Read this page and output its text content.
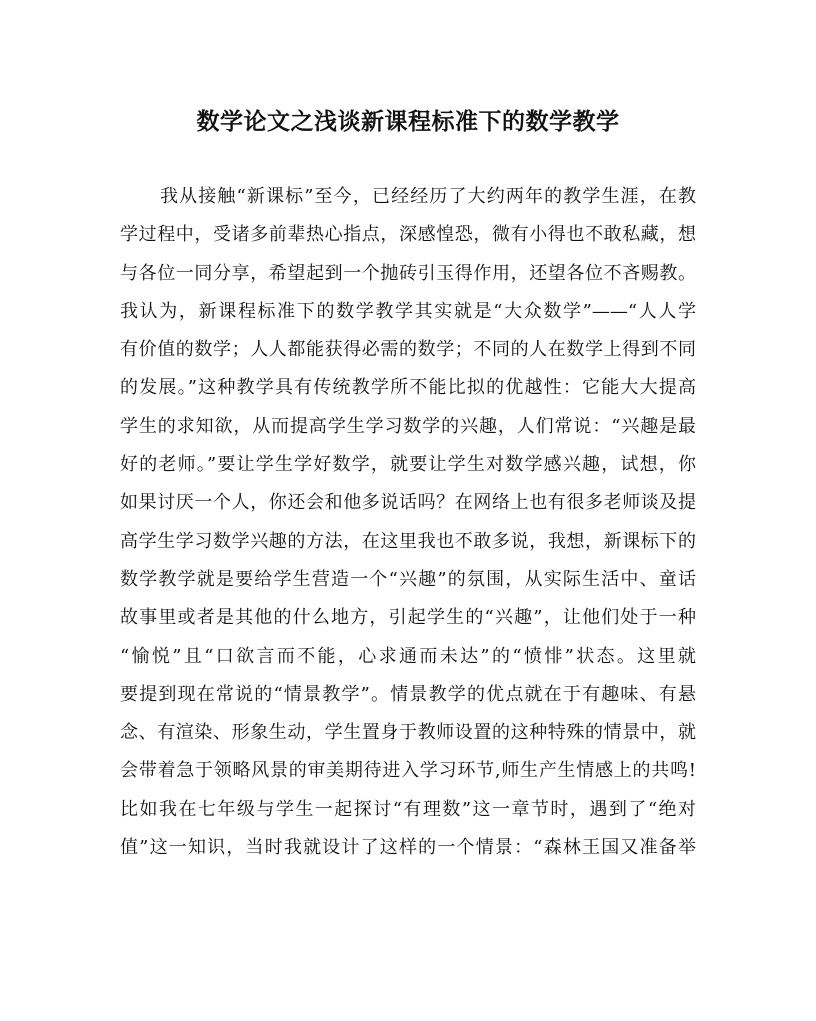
数学论文之浅谈新课程标准下的数学教学
我从接触“新课标”至今，已经经历了大约两年的教学生涯，在教
学过程中，受诸多前辈热心指点，深感惶恐，微有小得也不敢私藏，想
与各位一同分享，希望起到一个抛砖引玉得作用，还望各位不吝赐教。
我认为，新课程标准下的数学教学其实就是“大众数学”——“人人学
有价值的数学；人人都能获得必需的数学；不同的人在数学上得到不同
的发展。”这种教学具有传统教学所不能比拟的优越性：它能大大提高
学生的求知欲，从而提高学生学习数学的兴趣，人们常说：“兴趣是最
好的老师。”要让学生学好数学，就要让学生对数学感兴趣，试想，你
如果讨厌一个人，你还会和他多说话吗？在网络上也有很多老师谈及提
高学生学习数学兴趣的方法，在这里我也不敢多说，我想，新课标下的
数学教学就是要给学生营造一个“兴趣”的氛围，从实际生活中、童话
故事里或者是其他的什么地方，引起学生的“兴趣”，让他们处于一种
“愉悦”且“口欲言而不能，心求通而未达”的“愤悱”状态。这里就
要提到现在常说的“情景教学”。情景教学的优点就在于有趣味、有悬
念、有渲染、形象生动，学生置身于教师设置的这种特殊的情景中，就
会带着急于领略风景的审美期待进入学习环节,师生产生情感上的共鸣!
比如我在七年级与学生一起探讨“有理数”这一章节时，遇到了“绝对
值”这一知识，当时我就设计了这样的一个情景：“森林王国又准备举
